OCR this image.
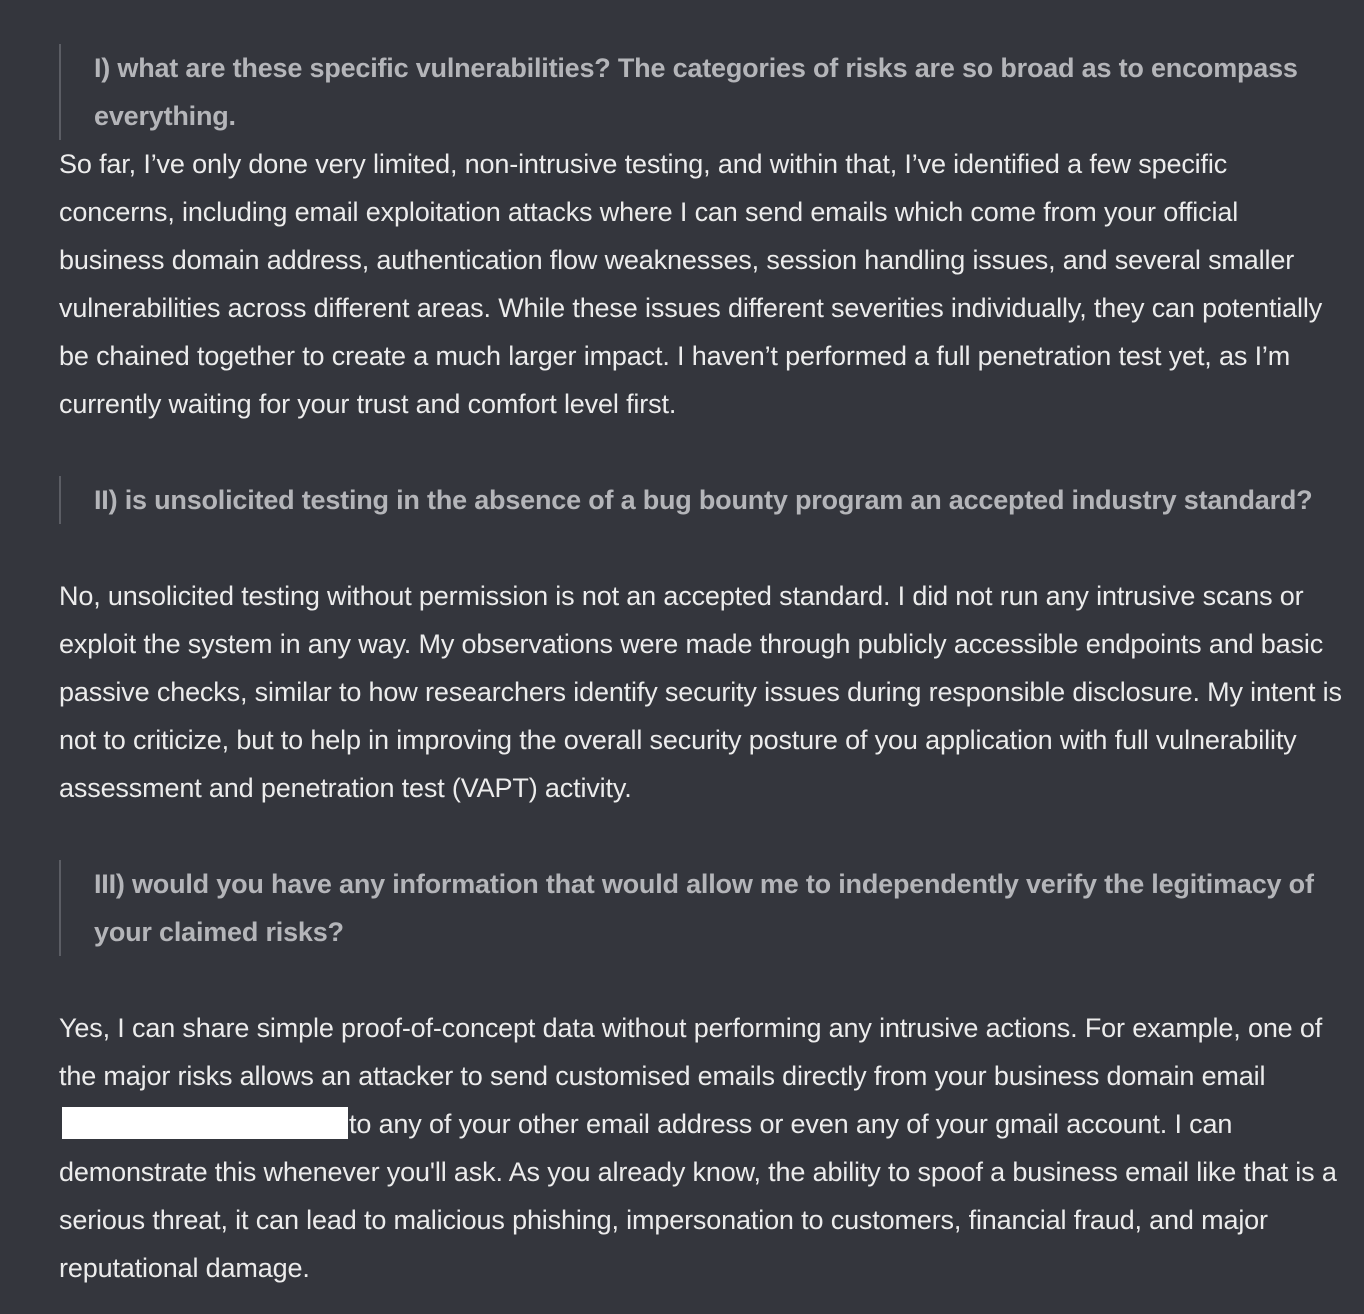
I) what are these specific vulnerabilities? The categories of risks are so broad as to encompass everything.
So far, I’ve only done very limited, non-intrusive testing, and within that, I’ve identified a few specific concerns, including email exploitation attacks where I can send emails which come from your official business domain address, authentication flow weaknesses, session handling issues, and several smaller vulnerabilities across different areas. While these issues different severities individually, they can potentially be chained together to create a much larger impact. I haven’t performed a full penetration test yet, as I’m currently waiting for your trust and comfort level first.
II) is unsolicited testing in the absence of a bug bounty program an accepted industry standard?
No, unsolicited testing without permission is not an accepted standard. I did not run any intrusive scans or exploit the system in any way. My observations were made through publicly accessible endpoints and basic passive checks, similar to how researchers identify security issues during responsible disclosure. My intent is not to criticize, but to help in improving the overall security posture of you application with full vulnerability assessment and penetration test (VAPT) activity.
III) would you have any information that would allow me to independently verify the legitimacy of your claimed risks?
Yes, I can share simple proof-of-concept data without performing any intrusive actions. For example, one of the major risks allows an attacker to send customised emails directly from your business domain emailto any of your other email address or even any of your gmail account. I can demonstrate this whenever you'll ask. As you already know, the ability to spoof a business email like that is a serious threat, it can lead to malicious phishing, impersonation to customers, financial fraud, and major reputational damage.
